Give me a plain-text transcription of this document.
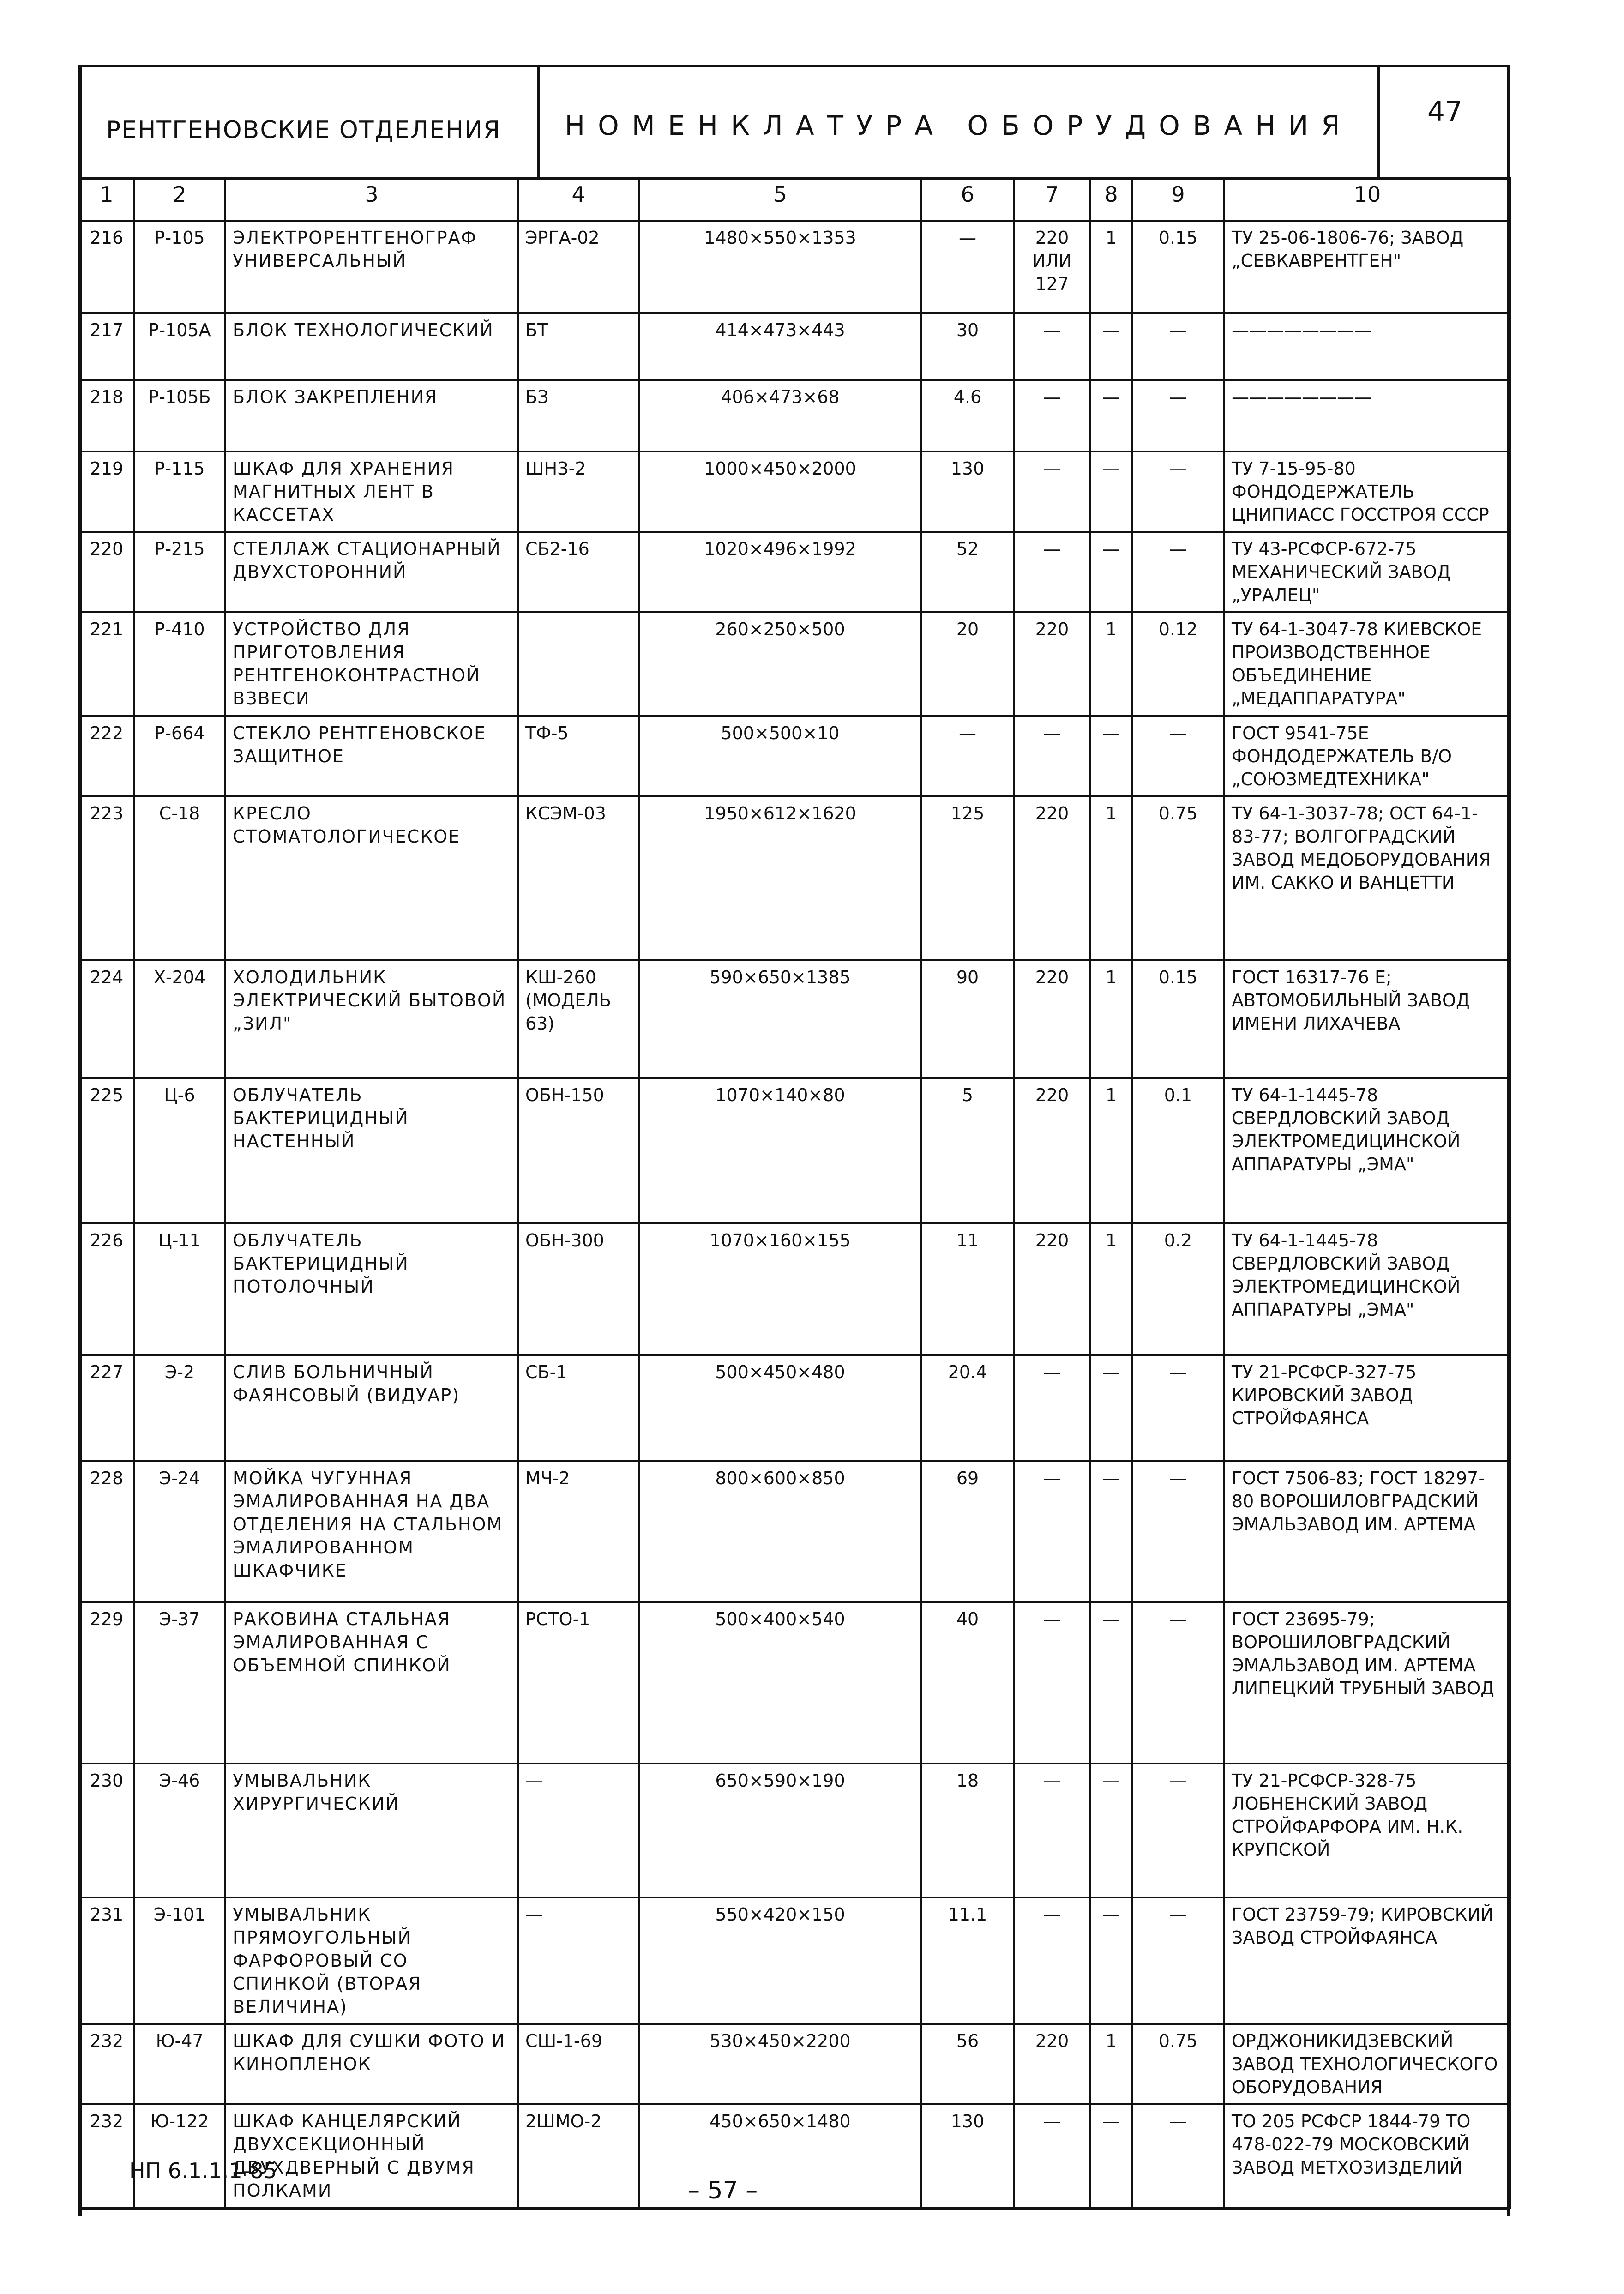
РЕНТГЕНОВСКИЕ ОТДЕЛЕНИЯ	НОМЕНКЛАТУРА ОБОРУДОВАНИЯ	47
1	2	3	4	5	6	7	8	9	10
216	Р-105	ЭЛЕКТРОРЕНТГЕНОГРАФ УНИВЕРСАЛЬНЫЙ	ЭРГА-02	1480×550×1353	—	220 ИЛИ 127	1	0.15	ТУ 25-06-1806-76; ЗАВОД „СЕВКАВРЕНТГЕН"
217	Р-105А	БЛОК ТЕХНОЛОГИЧЕСКИЙ	БТ	414×473×443	30	—	—	—	————————
218	Р-105Б	БЛОК ЗАКРЕПЛЕНИЯ	БЗ	406×473×68	4.6	—	—	—	————————
219	Р-115	ШКАФ ДЛЯ ХРАНЕНИЯ МАГНИТНЫХ ЛЕНТ В КАССЕТАХ	ШНЗ-2	1000×450×2000	130	—	—	—	ТУ 7-15-95-80 ФОНДОДЕРЖАТЕЛЬ ЦНИПИАСС ГОССТРОЯ СССР
220	Р-215	СТЕЛЛАЖ СТАЦИОНАРНЫЙ ДВУХСТОРОННИЙ	СБ2-16	1020×496×1992	52	—	—	—	ТУ 43-РСФСР-672-75 МЕХАНИЧЕСКИЙ ЗАВОД „УРАЛЕЦ"
221	Р-410	УСТРОЙСТВО ДЛЯ ПРИГОТОВЛЕНИЯ РЕНТГЕНОКОНТРАСТНОЙ ВЗВЕСИ		260×250×500	20	220	1	0.12	ТУ 64-1-3047-78 КИЕВСКОЕ ПРОИЗВОДСТВЕННОЕ ОБЪЕДИНЕНИЕ „МЕДАППАРАТУРА"
222	Р-664	СТЕКЛО РЕНТГЕНОВСКОЕ ЗАЩИТНОЕ	ТФ-5	500×500×10	—	—	—	—	ГОСТ 9541-75Е ФОНДОДЕРЖАТЕЛЬ В/О „СОЮЗМЕДТЕХНИКА"
223	С-18	КРЕСЛО СТОМАТОЛОГИЧЕСКОЕ	КСЭМ-03	1950×612×1620	125	220	1	0.75	ТУ 64-1-3037-78; ОСТ 64-1-83-77; ВОЛГОГРАДСКИЙ ЗАВОД МЕДОБОРУДОВАНИЯ ИМ. САККО И ВАНЦЕТТИ
224	Х-204	ХОЛОДИЛЬНИК ЭЛЕКТРИЧЕСКИЙ БЫТОВОЙ „ЗИЛ"	КШ-260 (МОДЕЛЬ 63)	590×650×1385	90	220	1	0.15	ГОСТ 16317-76 Е; АВТОМОБИЛЬНЫЙ ЗАВОД ИМЕНИ ЛИХАЧЕВА
225	Ц-6	ОБЛУЧАТЕЛЬ БАКТЕРИЦИДНЫЙ НАСТЕННЫЙ	ОБН-150	1070×140×80	5	220	1	0.1	ТУ 64-1-1445-78 СВЕРДЛОВСКИЙ ЗАВОД ЭЛЕКТРОМЕДИЦИНСКОЙ АППАРАТУРЫ „ЭМА"
226	Ц-11	ОБЛУЧАТЕЛЬ БАКТЕРИЦИДНЫЙ ПОТОЛОЧНЫЙ	ОБН-300	1070×160×155	11	220	1	0.2	ТУ 64-1-1445-78 СВЕРДЛОВСКИЙ ЗАВОД ЭЛЕКТРОМЕДИЦИНСКОЙ АППАРАТУРЫ „ЭМА"
227	Э-2	СЛИВ БОЛЬНИЧНЫЙ ФАЯНСОВЫЙ (ВИДУАР)	СБ-1	500×450×480	20.4	—	—	—	ТУ 21-РСФСР-327-75 КИРОВСКИЙ ЗАВОД СТРОЙФАЯНСА
228	Э-24	МОЙКА ЧУГУННАЯ ЭМАЛИРОВАННАЯ НА ДВА ОТДЕЛЕНИЯ НА СТАЛЬНОМ ЭМАЛИРОВАННОМ ШКАФЧИКЕ	МЧ-2	800×600×850	69	—	—	—	ГОСТ 7506-83; ГОСТ 18297-80 ВОРОШИЛОВГРАДСКИЙ ЭМАЛЬЗАВОД ИМ. АРТЕМА
229	Э-37	РАКОВИНА СТАЛЬНАЯ ЭМАЛИРОВАННАЯ С ОБЪЕМНОЙ СПИНКОЙ	РСТО-1	500×400×540	40	—	—	—	ГОСТ 23695-79; ВОРОШИЛОВГРАДСКИЙ ЭМАЛЬЗАВОД ИМ. АРТЕМА ЛИПЕЦКИЙ ТРУБНЫЙ ЗАВОД
230	Э-46	УМЫВАЛЬНИК ХИРУРГИЧЕСКИЙ	—	650×590×190	18	—	—	—	ТУ 21-РСФСР-328-75 ЛОБНЕНСКИЙ ЗАВОД СТРОЙФАРФОРА ИМ. Н.К. КРУПСКОЙ
231	Э-101	УМЫВАЛЬНИК ПРЯМОУГОЛЬНЫЙ ФАРФОРОВЫЙ СО СПИНКОЙ (ВТОРАЯ ВЕЛИЧИНА)	—	550×420×150	11.1	—	—	—	ГОСТ 23759-79; КИРОВСКИЙ ЗАВОД СТРОЙФАЯНСА
232	Ю-47	ШКАФ ДЛЯ СУШКИ ФОТО И КИНОПЛЕНОК	СШ-1-69	530×450×2200	56	220	1	0.75	ОРДЖОНИКИДЗЕВСКИЙ ЗАВОД ТЕХНОЛОГИЧЕСКОГО ОБОРУДОВАНИЯ
232	Ю-122	ШКАФ КАНЦЕЛЯРСКИЙ ДВУХСЕКЦИОННЫЙ ДВУХДВЕРНЫЙ С ДВУМЯ ПОЛКАМИ	2ШМО-2	450×650×1480	130	—	—	—	ТО 205 РСФСР 1844-79 ТО 478-022-79 МОСКОВСКИЙ ЗАВОД МЕТХОЗИЗДЕЛИЙ
НП 6.1.1.1-85
– 57 –
